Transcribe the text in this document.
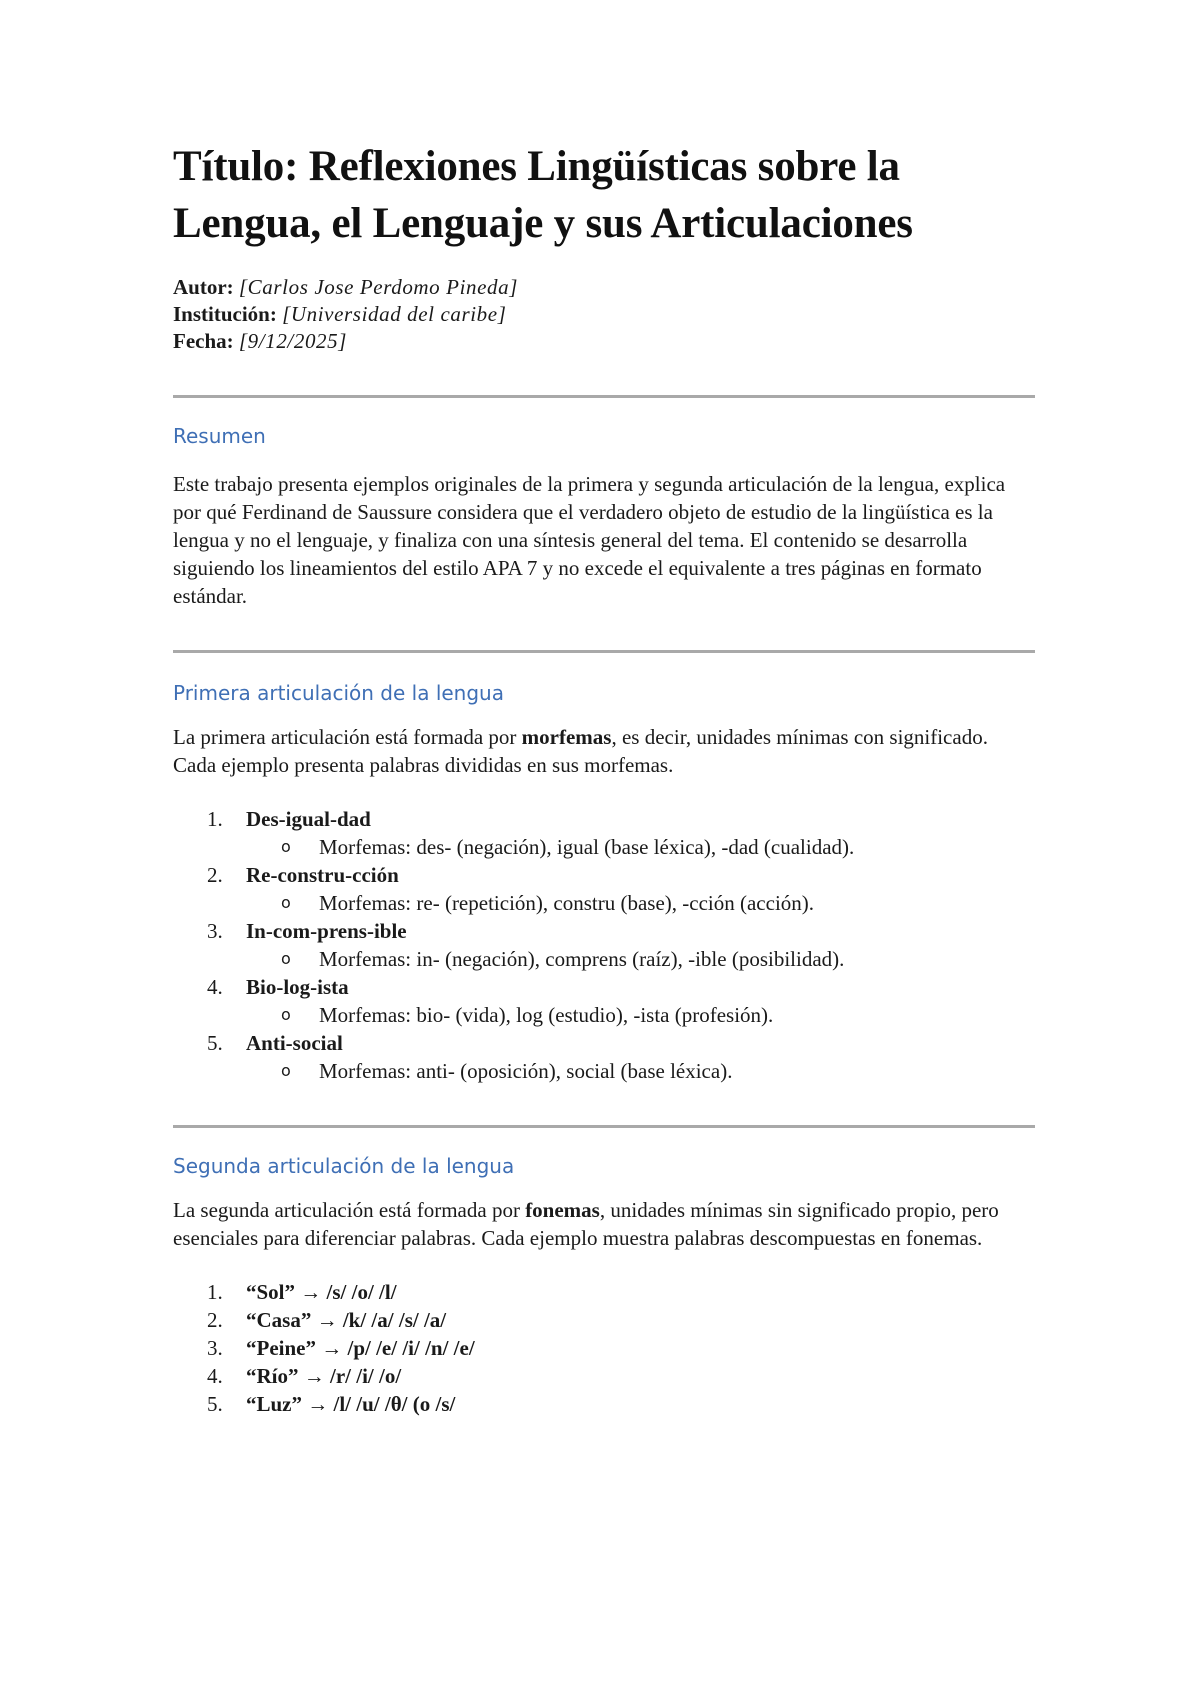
Título: Reflexiones Lingüísticas sobre la Lengua, el Lenguaje y sus Articulaciones
Autor: [Carlos Jose Perdomo Pineda]
Institución: [Universidad del caribe]
Fecha: [9/12/2025]
Resumen

Este trabajo presenta ejemplos originales de la primera y segunda articulación de la lengua, explica por qué Ferdinand de Saussure considera que el verdadero objeto de estudio de la lingüística es la lengua y no el lenguaje, y finaliza con una síntesis general del tema. El contenido se desarrolla siguiendo los lineamientos del estilo APA 7 y no excede el equivalente a tres páginas en formato estándar.

Primera articulación de la lengua

La primera articulación está formada por morfemas, es decir, unidades mínimas con significado. Cada ejemplo presenta palabras divididas en sus morfemas.

1.	Des-igual-dad
o Morfemas: des- (negación), igual (base léxica), -dad (cualidad).
2.	Re-constru-cción
o Morfemas: re- (repetición), constru (base), -cción (acción).
3.	In-com-prens-ible
o Morfemas: in- (negación), comprens (raíz), -ible (posibilidad).
4.	Bio-log-ista
o Morfemas: bio- (vida), log (estudio), -ista (profesión).
5.	Anti-social
o Morfemas: anti- (oposición), social (base léxica).
Segunda articulación de la lengua

La segunda articulación está formada por fonemas, unidades mínimas sin significado propio, pero esenciales para diferenciar palabras. Cada ejemplo muestra palabras descompuestas en fonemas.

1.	“Sol” → /s/ /o/ /l/
2.	“Casa” → /k/ /a/ /s/ /a/
3.	“Peine” → /p/ /e/ /i/ /n/ /e/
4.	“Río” → /r/ /i/ /o/
5.	“Luz” → /l/ /u/ /θ/ (o /s/
